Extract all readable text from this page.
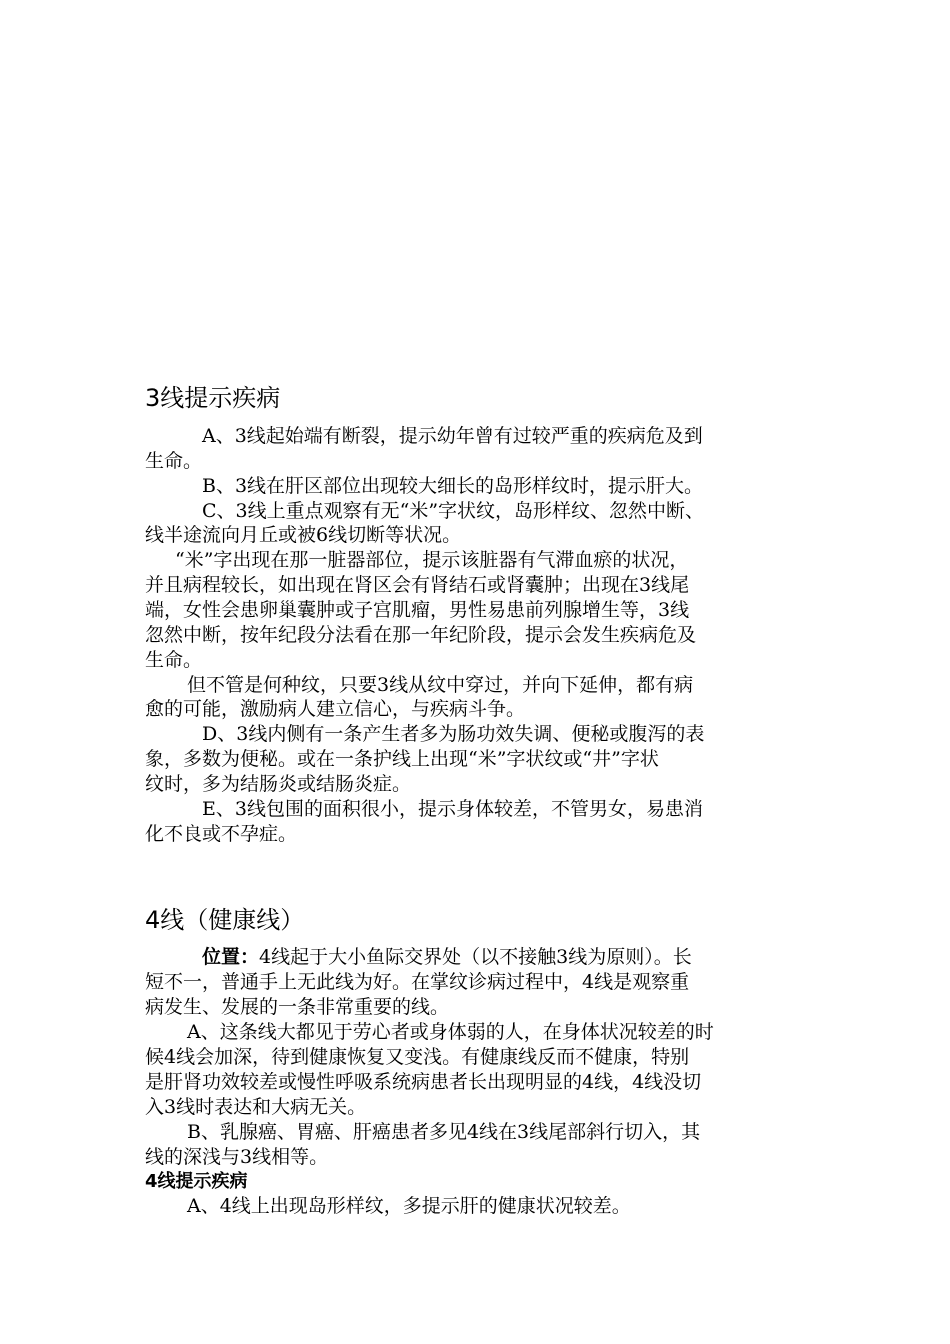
3线提示疾病
A、3线起始端有断裂，提示幼年曾有过较严重的疾病危及到
生命。
B、3线在肝区部位出现较大细长的岛形样纹时，提示肝大。
C、3线上重点观察有无“米”字状纹，岛形样纹、忽然中断、
线半途流向月丘或被6线切断等状况。
“米”字出现在那一脏器部位，提示该脏器有气滞血瘀的状况，
并且病程较长，如出现在肾区会有肾结石或肾囊肿；出现在3线尾
端，女性会患卵巢囊肿或子宫肌瘤，男性易患前列腺增生等，3线
忽然中断，按年纪段分法看在那一年纪阶段，提示会发生疾病危及
生命。
但不管是何种纹，只要3线从纹中穿过，并向下延伸，都有病
愈的可能，激励病人建立信心，与疾病斗争。
D、3线内侧有一条产生者多为肠功效失调、便秘或腹泻的表
象，多数为便秘。或在一条护线上出现“米”字状纹或“井”字状
纹时，多为结肠炎或结肠炎症。
E、3线包围的面积很小，提示身体较差，不管男女，易患消
化不良或不孕症。
4线（健康线）
位置：4线起于大小鱼际交界处（以不接触3线为原则）。长
短不一，普通手上无此线为好。在掌纹诊病过程中，4线是观察重
病发生、发展的一条非常重要的线。
A、这条线大都见于劳心者或身体弱的人，在身体状况较差的时
候4线会加深，待到健康恢复又变浅。有健康线反而不健康，特别
是肝肾功效较差或慢性呼吸系统病患者长出现明显的4线，4线没切
入3线时表达和大病无关。
B、乳腺癌、胃癌、肝癌患者多见4线在3线尾部斜行切入，其
线的深浅与3线相等。
4线提示疾病
A、4线上出现岛形样纹，多提示肝的健康状况较差。
